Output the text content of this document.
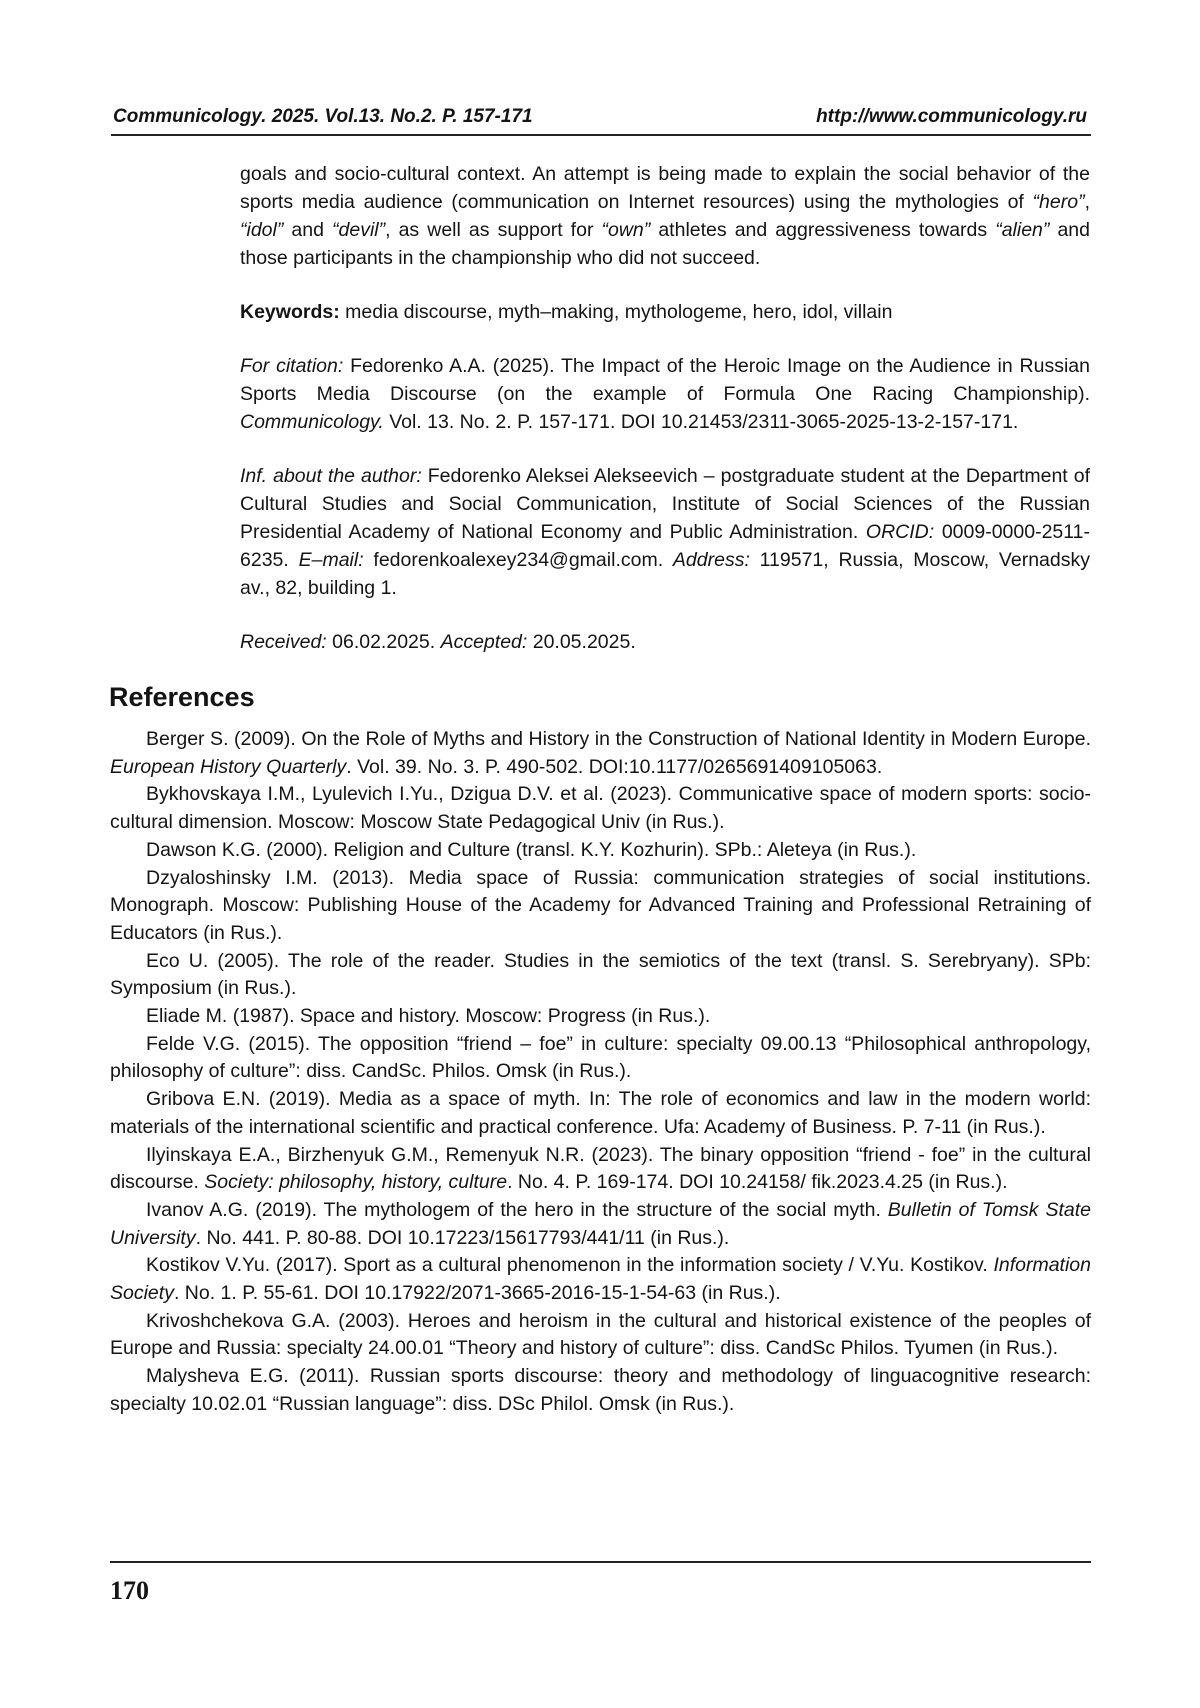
Communicology. 2025. Vol.13. No.2. P. 157-171	http://www.communicology.ru

goals and socio-cultural context. An attempt is being made to explain the social behavior of the sports media audience (communication on Internet resources) using the mythologies of “hero”, “idol” and “devil”, as well as support for “own” athletes and aggressiveness towards “alien” and those participants in the championship who did not succeed.

Keywords: media discourse, myth–making, mythologeme, hero, idol, villain

For citation: Fedorenko A.A. (2025). The Impact of the Heroic Image on the Audience in Russian Sports Media Discourse (on the example of Formula One Racing Championship). Communicology. Vol. 13. No. 2. P. 157-171. DOI 10.21453/2311-3065-2025-13-2-157-171.

Inf. about the author: Fedorenko Aleksei Alekseevich – postgraduate student at the Department of Cultural Studies and Social Communication, Institute of Social Sciences of the Russian Presidential Academy of National Economy and Public Administration. ORCID: 0009-0000-2511-6235. E–mail: fedorenkoalexey234@gmail.com. Address: 119571, Russia, Moscow, Vernadsky av., 82, building 1.

Received: 06.02.2025. Accepted: 20.05.2025.

References
Berger S. (2009). On the Role of Myths and History in the Construction of National Identity in Modern Europe. European History Quarterly. Vol. 39. No. 3. P. 490-502. DOI:10.1177/0265691409105063.
Bykhovskaya I.M., Lyulevich I.Yu., Dzigua D.V. et al. (2023). Communicative space of modern sports: socio-cultural dimension. Moscow: Moscow State Pedagogical Univ (in Rus.).
Dawson K.G. (2000). Religion and Culture (transl. K.Y. Kozhurin). SPb.: Aleteya (in Rus.).
Dzyaloshinsky I.M. (2013). Media space of Russia: communication strategies of social institutions. Monograph. Moscow: Publishing House of the Academy for Advanced Training and Professional Retraining of Educators (in Rus.).
Eco U. (2005). The role of the reader. Studies in the semiotics of the text (transl. S. Serebryany). SPb: Symposium (in Rus.).
Eliade M. (1987). Space and history. Moscow: Progress (in Rus.).
Felde V.G. (2015). The opposition “friend – foe” in culture: specialty 09.00.13 “Philosophical anthropology, philosophy of culture”: diss. CandSc. Philos. Omsk (in Rus.).
Gribova E.N. (2019). Media as a space of myth. In: The role of economics and law in the modern world: materials of the international scientific and practical conference. Ufa: Academy of Business. P. 7-11 (in Rus.).
Ilyinskaya E.A., Birzhenyuk G.M., Remenyuk N.R. (2023). The binary opposition “friend - foe” in the cultural discourse. Society: philosophy, history, culture. No. 4. P. 169-174. DOI 10.24158/ fik.2023.4.25 (in Rus.).
Ivanov A.G. (2019). The mythologem of the hero in the structure of the social myth. Bulletin of Tomsk State University. No. 441. P. 80-88. DOI 10.17223/15617793/441/11 (in Rus.).
Kostikov V.Yu. (2017). Sport as a cultural phenomenon in the information society / V.Yu. Kostikov. Information Society. No. 1. P. 55-61. DOI 10.17922/2071-3665-2016-15-1-54-63 (in Rus.).
Krivoshchekova G.A. (2003). Heroes and heroism in the cultural and historical existence of the peoples of Europe and Russia: specialty 24.00.01 “Theory and history of culture”: diss. CandSc Philos. Tyumen (in Rus.).
Malysheva E.G. (2011). Russian sports discourse: theory and methodology of linguacognitive research: specialty 10.02.01 “Russian language”: diss. DSc Philol. Omsk (in Rus.).
170
